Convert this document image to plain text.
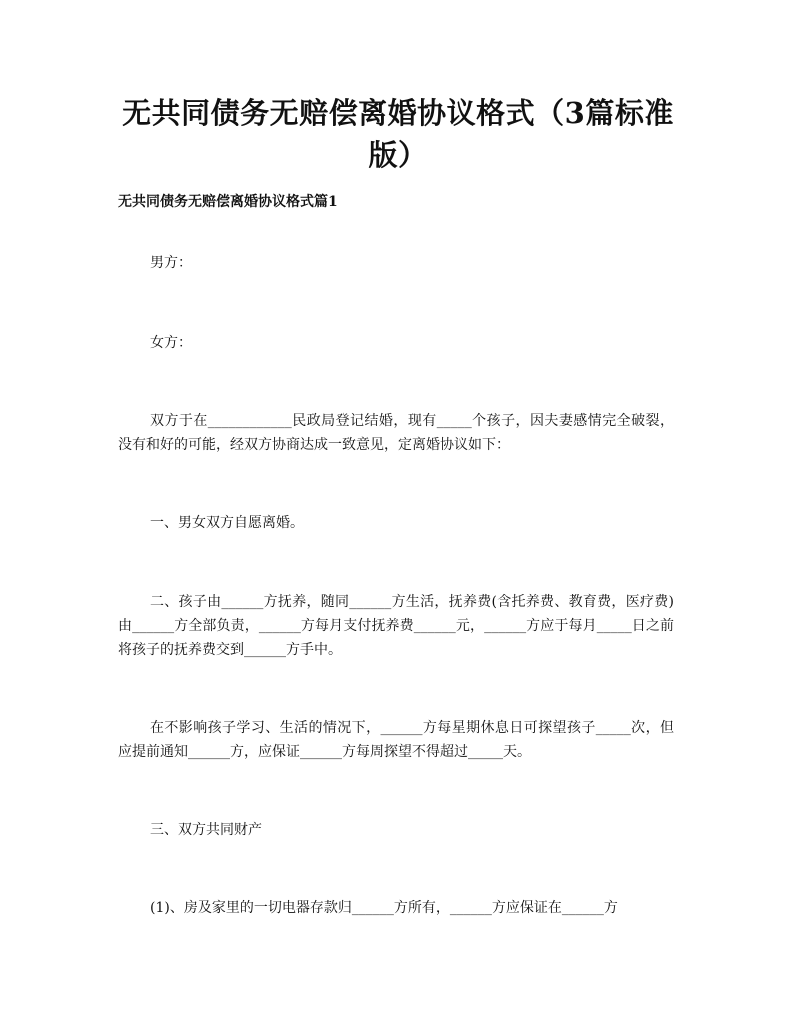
无共同债务无赔偿离婚协议格式（3篇标准版）
无共同债务无赔偿离婚协议格式篇1
男方：
女方：
双方于在____________民政局登记结婚，现有_____个孩子，因夫妻感情完全破裂，没有和好的可能，经双方协商达成一致意见，定离婚协议如下：
一、男女双方自愿离婚。
二、孩子由______方抚养，随同______方生活，抚养费(含托养费、教育费，医疗费)由______方全部负责，______方每月支付抚养费______元，______方应于每月_____日之前将孩子的抚养费交到______方手中。
在不影响孩子学习、生活的情况下，______方每星期休息日可探望孩子_____次，但应提前通知______方，应保证______方每周探望不得超过_____天。
三、双方共同财产
(1)、房及家里的一切电器存款归______方所有，______方应保证在______方
